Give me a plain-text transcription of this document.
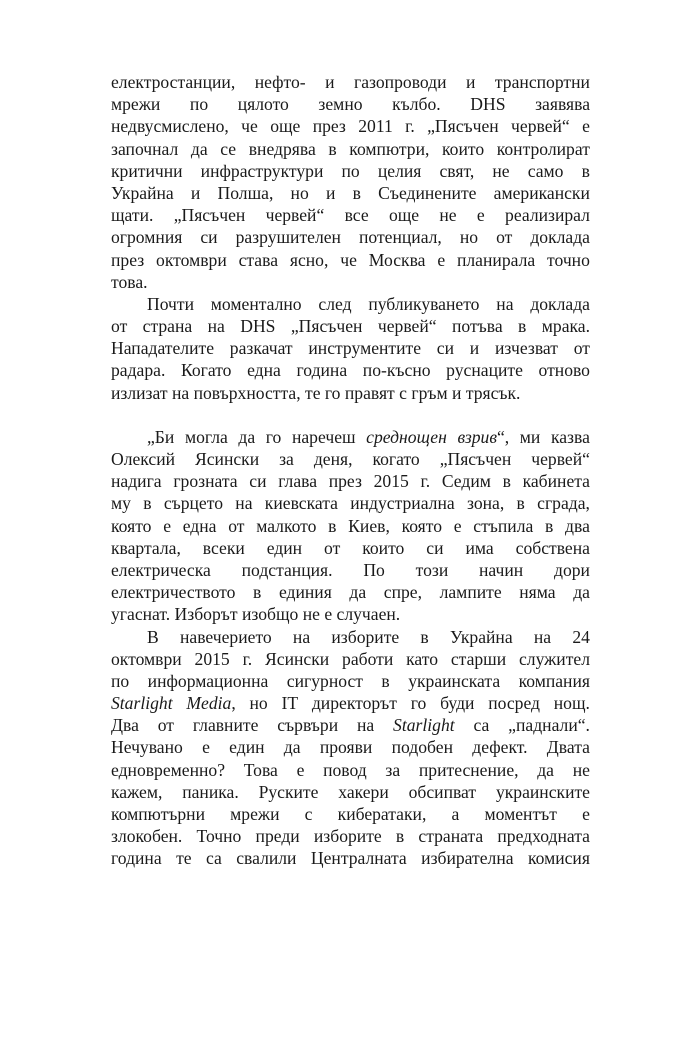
електростанции, нефто- и газопроводи и транспортни
мрежи по цялото земно кълбо. DHS заявява
недвусмислено, че още през 2011 г. „Пясъчен червей“ е
започнал да се внедрява в компютри, които контролират
критични инфраструктури по целия свят, не само в
Украйна и Полша, но и в Съединените американски
щати. „Пясъчен червей“ все още не е реализирал
огромния си разрушителен потенциал, но от доклада
през октомври става ясно, че Москва е планирала точно
това.
Почти моментално след публикуването на доклада
от страна на DHS „Пясъчен червей“ потъва в мрака.
Нападателите разкачат инструментите си и изчезват от
радара. Когато една година по-късно руснаците отново
излизат на повърхността, те го правят с гръм и трясък.
„Би могла да го наречеш среднощен взрив“, ми казва
Олексий Ясински за деня, когато „Пясъчен червей“
надига грозната си глава през 2015 г. Седим в кабинета
му в сърцето на киевската индустриална зона, в сграда,
която е една от малкото в Киев, която е стъпила в два
квартала, всеки един от които си има собствена
електрическа подстанция. По този начин дори
електричеството в единия да спре, лампите няма да
угаснат. Изборът изобщо не е случаен.
В навечерието на изборите в Украйна на 24
октомври 2015 г. Ясински работи като старши служител
по информационна сигурност в украинската компания
Starlight Media, но IT директорът го буди посред нощ.
Два от главните сървъри на Starlight са „паднали“.
Нечувано е един да прояви подобен дефект. Двата
едновременно? Това е повод за притеснение, да не
кажем, паника. Руските хакери обсипват украинските
компютърни мрежи с кибератаки, а моментът е
злокобен. Точно преди изборите в страната предходната
година те са свалили Централната избирателна комисия
